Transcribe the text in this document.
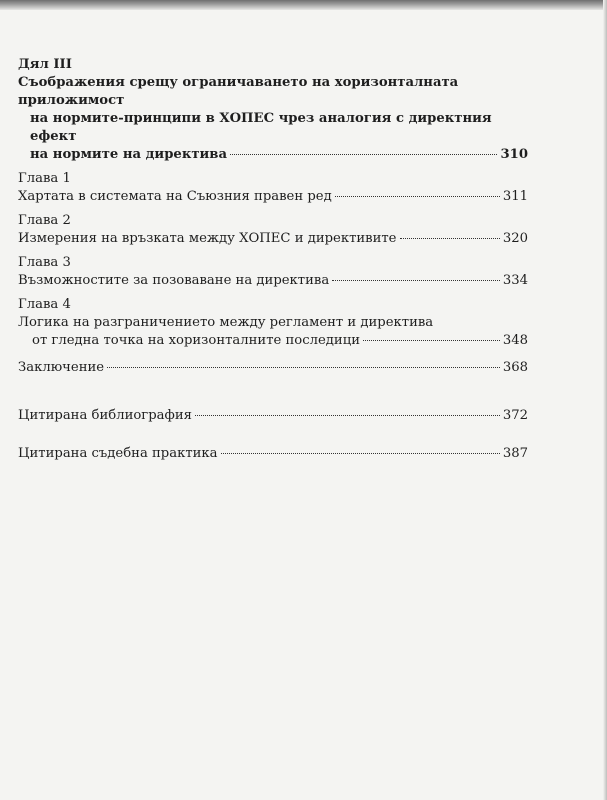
Дял III
Съображения срещу ограничаването на хоризонталната приложимост
на нормите-принципи в ХОПЕС чрез аналогия с директния ефект
на нормите на директива	310
Глава 1
Хартата в системата на Съюзния правен ред	311
Глава 2
Измерения на връзката между ХОПЕС и директивите	320
Глава 3
Възможностите за позоваване на директива	334
Глава 4
Логика на разграничението между регламент и директива
от гледна точка на хоризонталните последици	348
Заключение	368
Цитирана библиография	372
Цитирана съдебна практика	387
